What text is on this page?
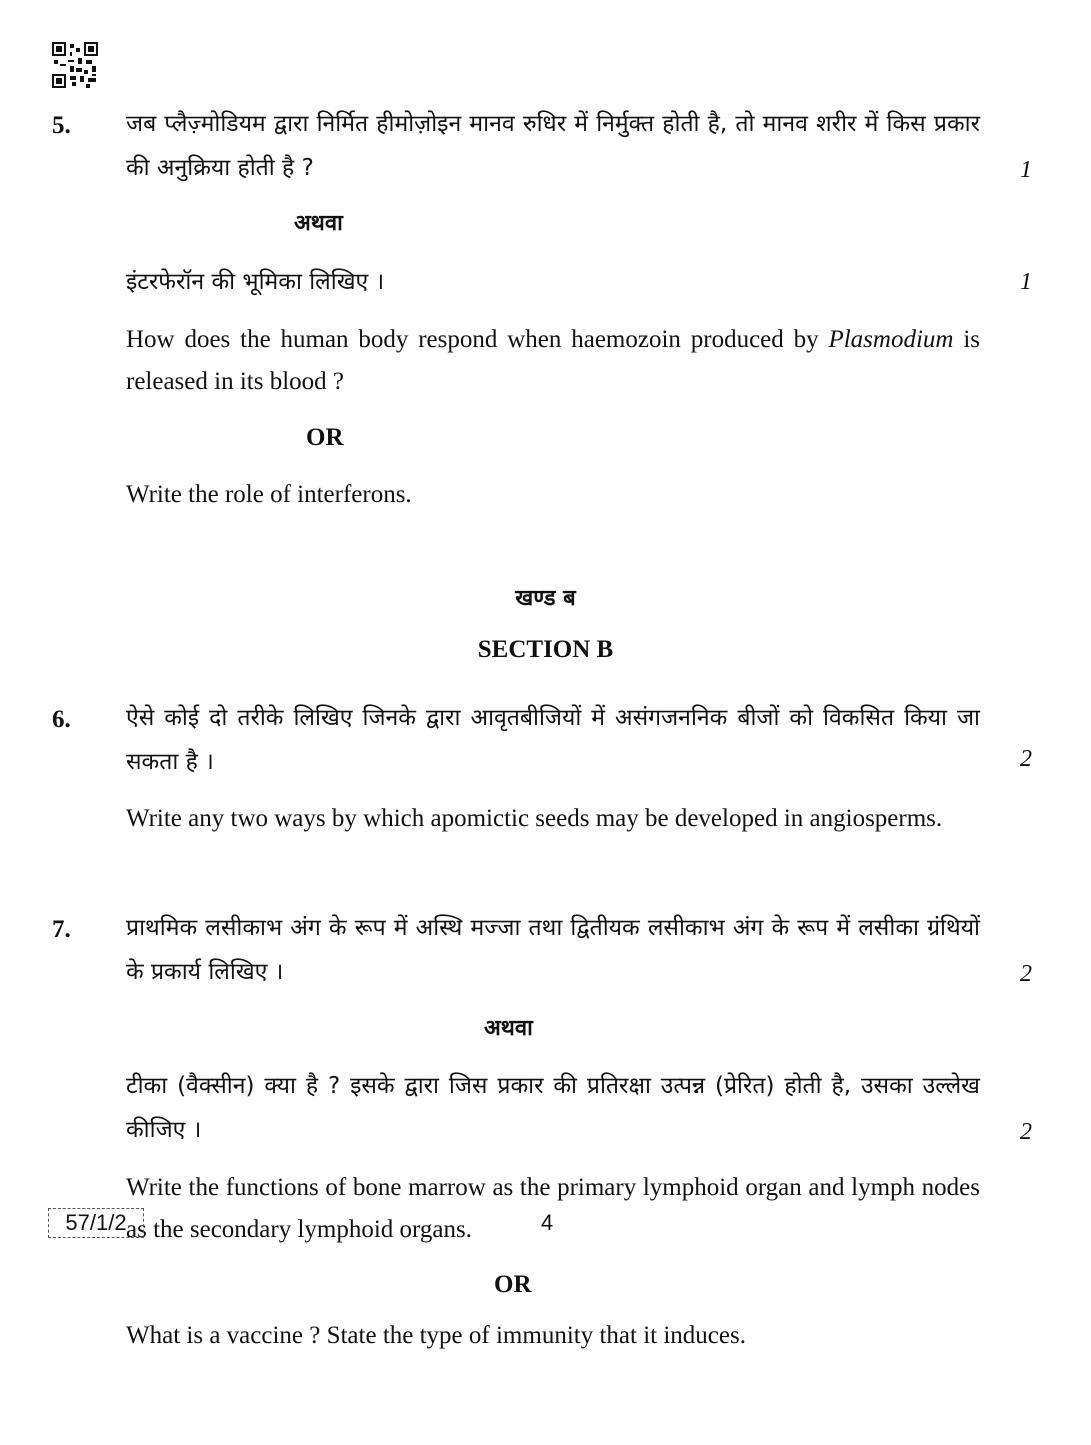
5. जब प्लैज़्मोडियम द्वारा निर्मित हीमोज़ोइन मानव रुधिर में निर्मुक्त होती है, तो मानव शरीर में किस प्रकार की अनुक्रिया होती है ?	1
अथवा
इंटरफेरॉन की भूमिका लिखिए ।	1
How does the human body respond when haemozoin produced by Plasmodium is released in its blood ?
OR
Write the role of interferons.
खण्ड ब
SECTION B
6. ऐसे कोई दो तरीके लिखिए जिनके द्वारा आवृतबीजियों में असंगजननिक बीजों को विकसित किया जा सकता है ।	2
Write any two ways by which apomictic seeds may be developed in angiosperms.
7. प्राथमिक लसीकाभ अंग के रूप में अस्थि मज्जा तथा द्वितीयक लसीकाभ अंग के रूप में लसीका ग्रंथियों के प्रकार्य लिखिए ।	2
अथवा
टीका (वैक्सीन) क्या है ? इसके द्वारा जिस प्रकार की प्रतिरक्षा उत्पन्न (प्रेरित) होती है, उसका उल्लेख कीजिए ।	2
Write the functions of bone marrow as the primary lymphoid organ and lymph nodes as the secondary lymphoid organs.
OR
What is a vaccine ? State the type of immunity that it induces.
57/1/2	4
